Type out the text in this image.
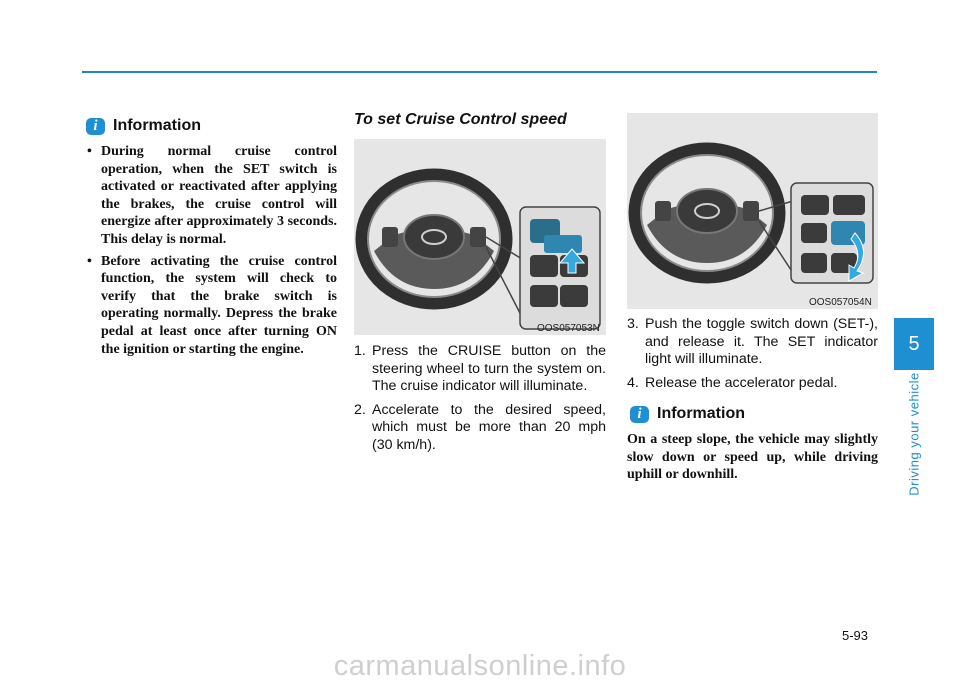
i Information
• During normal cruise control operation, when the SET switch is activated or reactivated after applying the brakes, the cruise control will energize after approximately 3 seconds. This delay is normal.
• Before activating the cruise control function, the system will check to verify that the brake switch is operating normally. Depress the brake pedal at least once after turning ON the ignition or starting the engine.
To set Cruise Control speed
OOS057053N
1. Press the CRUISE button on the steering wheel to turn the system on. The cruise indicator will illuminate.
2. Accelerate to the desired speed, which must be more than 20 mph (30 km/h).
OOS057054N
3. Push the toggle switch down (SET-), and release it. The SET indicator light will illuminate.
4. Release the accelerator pedal.
i Information
On a steep slope, the vehicle may slightly slow down or speed up, while driving uphill or downhill.
5
Driving your vehicle
5-93
carmanualsonline.info
